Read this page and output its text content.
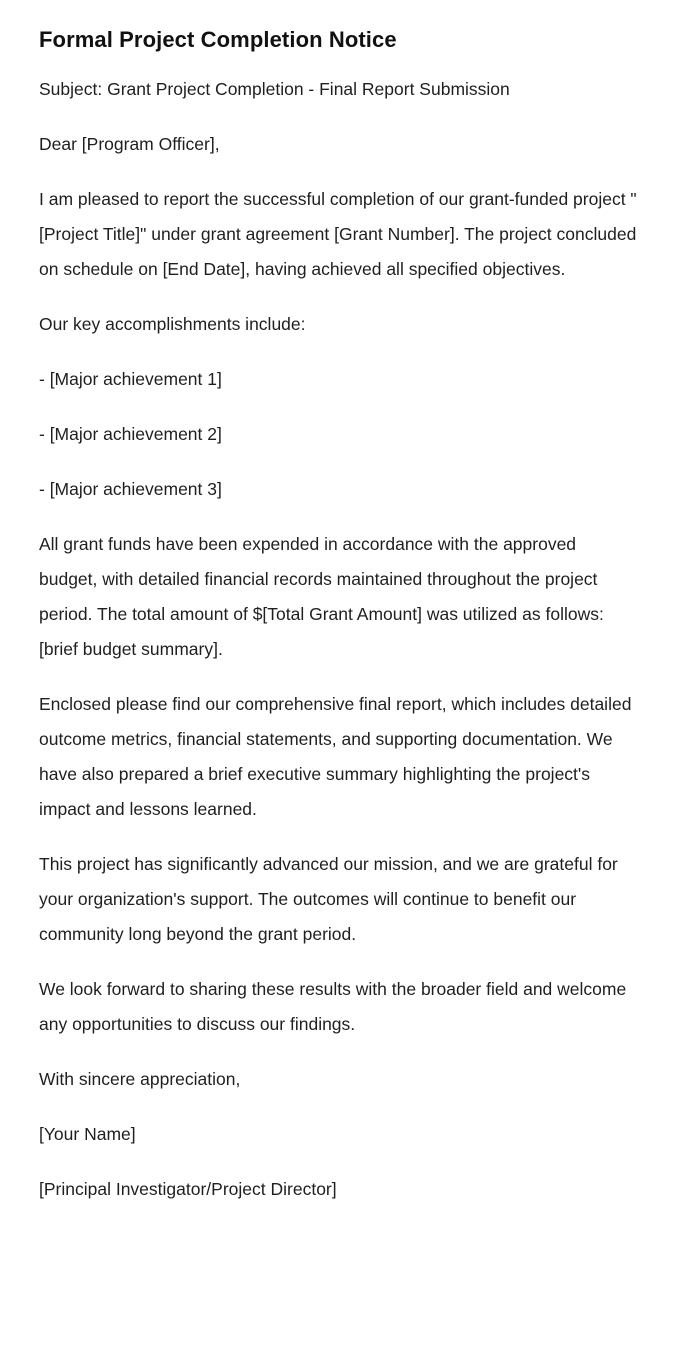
Formal Project Completion Notice

Subject: Grant Project Completion - Final Report Submission

Dear [Program Officer],

I am pleased to report the successful completion of our grant-funded project "[Project Title]" under grant agreement [Grant Number]. The project concluded on schedule on [End Date], having achieved all specified objectives.

Our key accomplishments include:

- [Major achievement 1]

- [Major achievement 2]

- [Major achievement 3]

All grant funds have been expended in accordance with the approved budget, with detailed financial records maintained throughout the project period. The total amount of $[Total Grant Amount] was utilized as follows: [brief budget summary].

Enclosed please find our comprehensive final report, which includes detailed outcome metrics, financial statements, and supporting documentation. We have also prepared a brief executive summary highlighting the project's impact and lessons learned.

This project has significantly advanced our mission, and we are grateful for your organization's support. The outcomes will continue to benefit our community long beyond the grant period.

We look forward to sharing these results with the broader field and welcome any opportunities to discuss our findings.

With sincere appreciation,

[Your Name]

[Principal Investigator/Project Director]
